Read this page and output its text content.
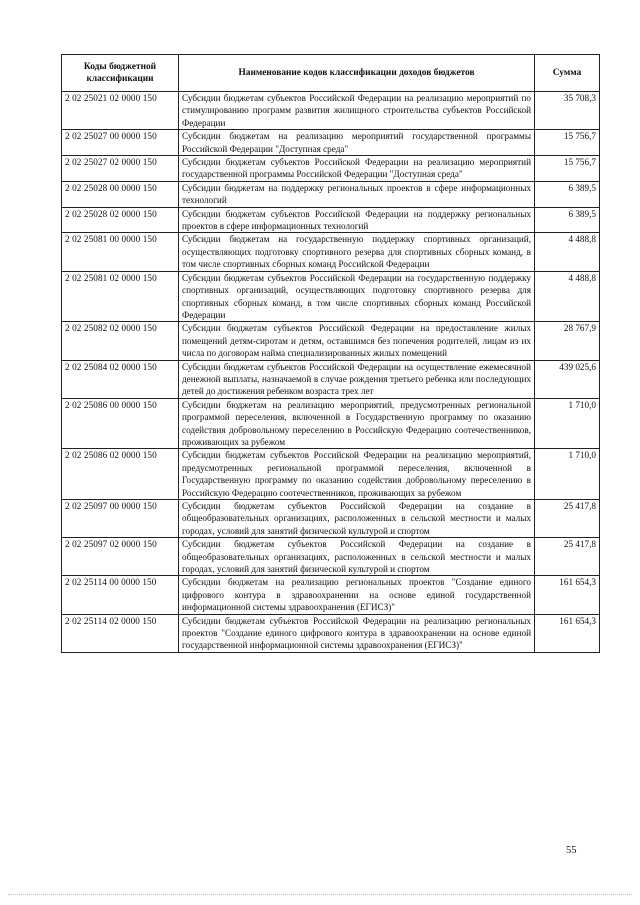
Коды бюджетной классификации	Наименование кодов классификации доходов бюджетов	Сумма
2 02 25021 02 0000 150	Субсидии бюджетам субъектов Российской Федерации на реализацию мероприятий по стимулированию программ развития жилищного строительства субъектов Российской Федерации	35 708,3
2 02 25027 00 0000 150	Субсидии бюджетам на реализацию мероприятий государственной программы Российской Федерации "Доступная среда"	15 756,7
2 02 25027 02 0000 150	Субсидии бюджетам субъектов Российской Федерации на реализацию мероприятий государственной программы Российской Федерации "Доступная среда"	15 756,7
2 02 25028 00 0000 150	Субсидии бюджетам на поддержку региональных проектов в сфере информационных технологий	6 389,5
2 02 25028 02 0000 150	Субсидии бюджетам субъектов Российской Федерации на поддержку региональных проектов в сфере информационных технологий	6 389,5
2 02 25081 00 0000 150	Субсидии бюджетам на государственную поддержку спортивных организаций, осуществляющих подготовку спортивного резерва для спортивных сборных команд, в том числе спортивных сборных команд Российской Федерации	4 488,8
2 02 25081 02 0000 150	Субсидии бюджетам субъектов Российской Федерации на государственную поддержку спортивных организаций, осуществляющих подготовку спортивного резерва для спортивных сборных команд, в том числе спортивных сборных команд Российской Федерации	4 488,8
2 02 25082 02 0000 150	Субсидии бюджетам субъектов Российской Федерации на предоставление жилых помещений детям-сиротам и детям, оставшимся без попечения родителей, лицам из их числа по договорам найма специализированных жилых помещений	28 767,9
2 02 25084 02 0000 150	Субсидии бюджетам субъектов Российской Федерации на осуществление ежемесячной денежной выплаты, назначаемой в случае рождения третьего ребенка или последующих детей до достижения ребенком возраста трех лет	439 025,6
2 02 25086 00 0000 150	Субсидии бюджетам на реализацию мероприятий, предусмотренных региональной программой переселения, включенной в Государственную программу по оказанию содействия добровольному переселению в Российскую Федерацию соотечественников, проживающих за рубежом	1 710,0
2 02 25086 02 0000 150	Субсидии бюджетам субъектов Российской Федерации на реализацию мероприятий, предусмотренных региональной программой переселения, включенной в Государственную программу по оказанию содействия добровольному переселению в Российскую Федерацию соотечественников, проживающих за рубежом	1 710,0
2 02 25097 00 0000 150	Субсидии бюджетам субъектов Российской Федерации на создание в общеобразовательных организациях, расположенных в сельской местности и малых городах, условий для занятий физической культурой и спортом	25 417,8
2 02 25097 02 0000 150	Субсидии бюджетам субъектов Российской Федерации на создание в общеобразовательных организациях, расположенных в сельской местности и малых городах, условий для занятий физической культурой и спортом	25 417,8
2 02 25114 00 0000 150	Субсидии бюджетам на реализацию региональных проектов "Создание единого цифрового контура в здравоохранении на основе единой государственной информационной системы здравоохранения (ЕГИСЗ)"	161 654,3
2 02 25114 02 0000 150	Субсидии бюджетам субъектов Российской Федерации на реализацию региональных проектов "Создание единого цифрового контура в здравоохранении на основе единой государственной информационной системы здравоохранения (ЕГИСЗ)"	161 654,3
55
